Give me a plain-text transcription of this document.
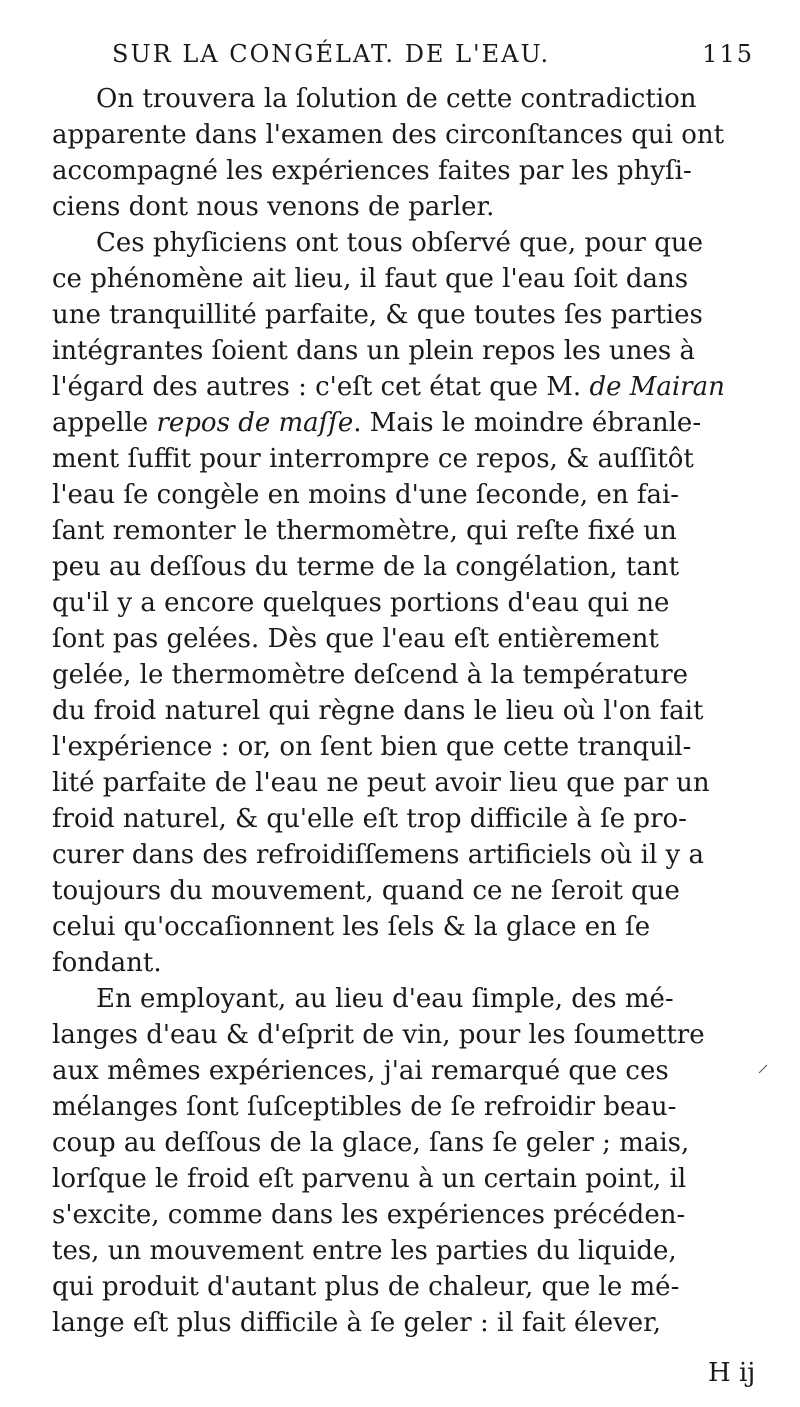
SUR LA CONGÉLAT. DE L'EAU.	115
On trouvera la ſolution de cette contradiction
apparente dans l'examen des circonſtances qui ont
accompagné les expériences faites par les phyſi-
ciens dont nous venons de parler.
Ces phyſiciens ont tous obſervé que, pour que
ce phénomène ait lieu, il faut que l'eau ſoit dans
une tranquillité parfaite, & que toutes ſes parties
intégrantes ſoient dans un plein repos les unes à
l'égard des autres : c'eſt cet état que M. de Mairan
appelle repos de maſſe. Mais le moindre ébranle-
ment ſuffit pour interrompre ce repos, & auſſitôt
l'eau ſe congèle en moins d'une ſeconde, en fai-
ſant remonter le thermomètre, qui reſte fixé un
peu au deſſous du terme de la congélation, tant
qu'il y a encore quelques portions d'eau qui ne
ſont pas gelées. Dès que l'eau eſt entièrement
gelée, le thermomètre deſcend à la température
du froid naturel qui règne dans le lieu où l'on fait
l'expérience : or, on ſent bien que cette tranquil-
lité parfaite de l'eau ne peut avoir lieu que par un
froid naturel, & qu'elle eſt trop difficile à ſe pro-
curer dans des refroidiſſemens artificiels où il y a
toujours du mouvement, quand ce ne ſeroit que
celui qu'occaſionnent les ſels & la glace en ſe
fondant.
En employant, au lieu d'eau ſimple, des mé-
langes d'eau & d'eſprit de vin, pour les ſoumettre
aux mêmes expériences, j'ai remarqué que ces
mélanges ſont ſuſceptibles de ſe refroidir beau-
coup au deſſous de la glace, ſans ſe geler ; mais,
lorſque le froid eſt parvenu à un certain point, il
s'excite, comme dans les expériences précéden-
tes, un mouvement entre les parties du liquide,
qui produit d'autant plus de chaleur, que le mé-
lange eſt plus difficile à ſe geler : il fait élever,
H ij
